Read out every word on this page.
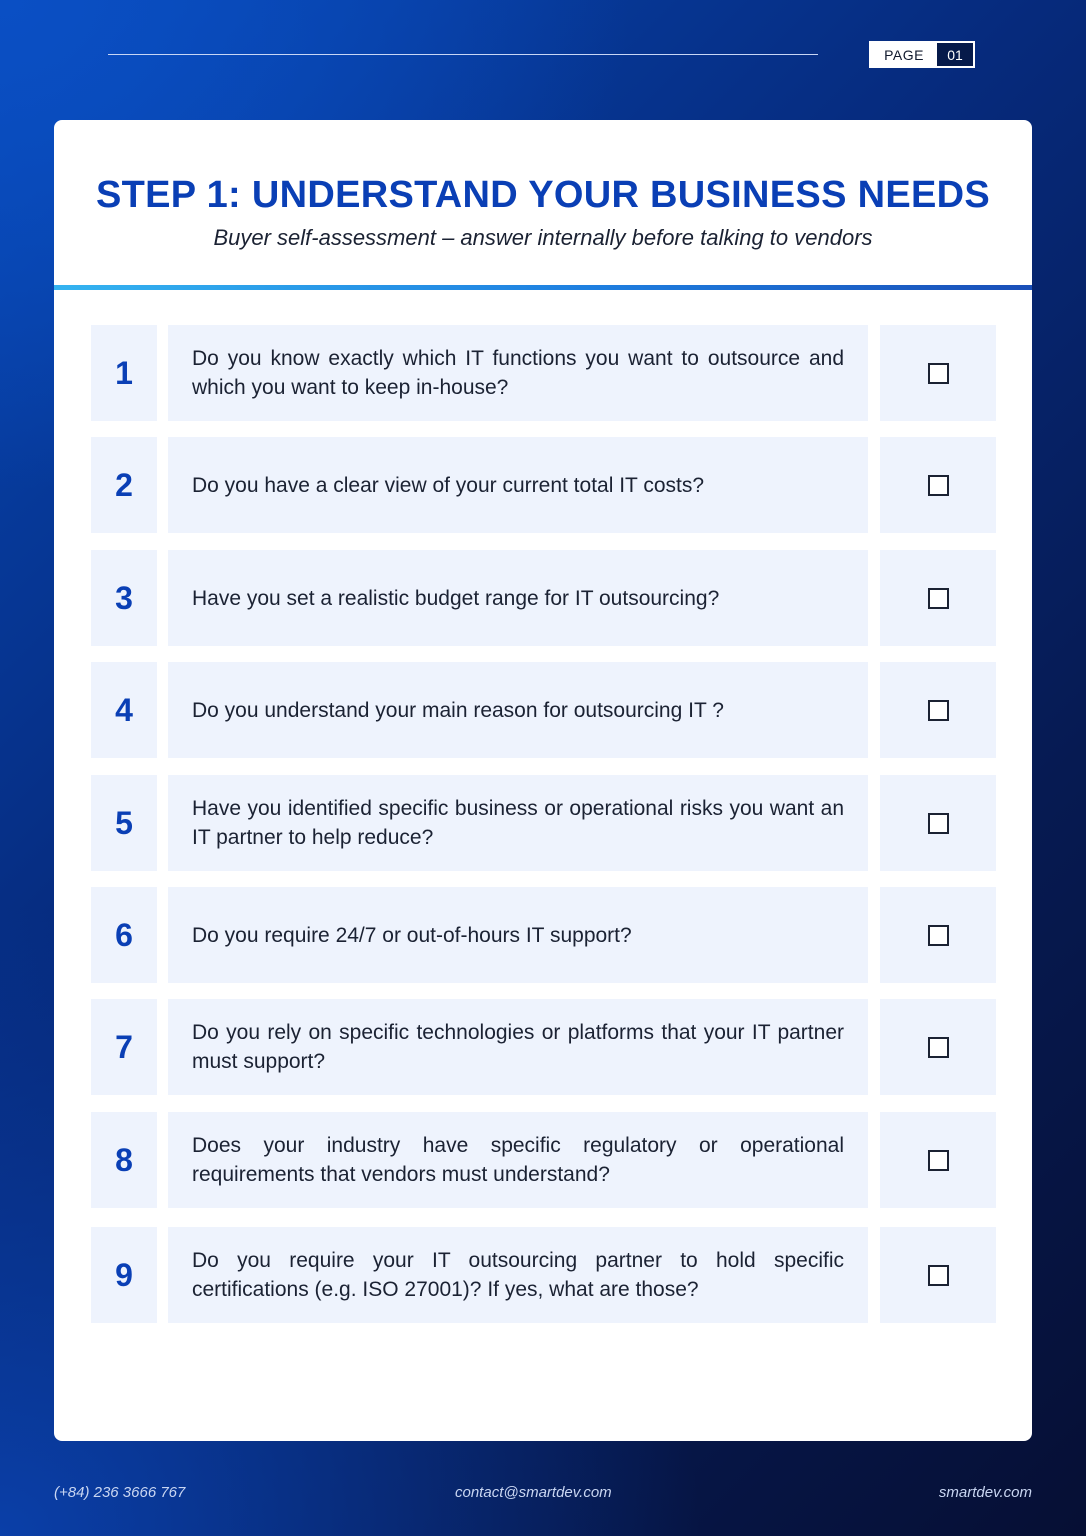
PAGE	01
STEP 1: UNDERSTAND YOUR BUSINESS NEEDS
Buyer self-assessment – answer internally before talking to vendors
1	Do you know exactly which IT functions you want to outsource and which you want to keep in-house?
2	Do you have a clear view of your current total IT costs?
3	Have you set a realistic budget range for IT outsourcing?
4	Do you understand your main reason for outsourcing IT ?
5	Have you identified specific business or operational risks you want an IT partner to help reduce?
6	Do you require 24/7 or out-of-hours IT support?
7	Do you rely on specific technologies or platforms that your IT partner must support?
8	Does your industry have specific regulatory or operational requirements that vendors must understand?
9	Do you require your IT outsourcing partner to hold specific certifications (e.g. ISO 27001)? If yes, what are those?
(+84) 236 3666 767	contact@smartdev.com	smartdev.com
